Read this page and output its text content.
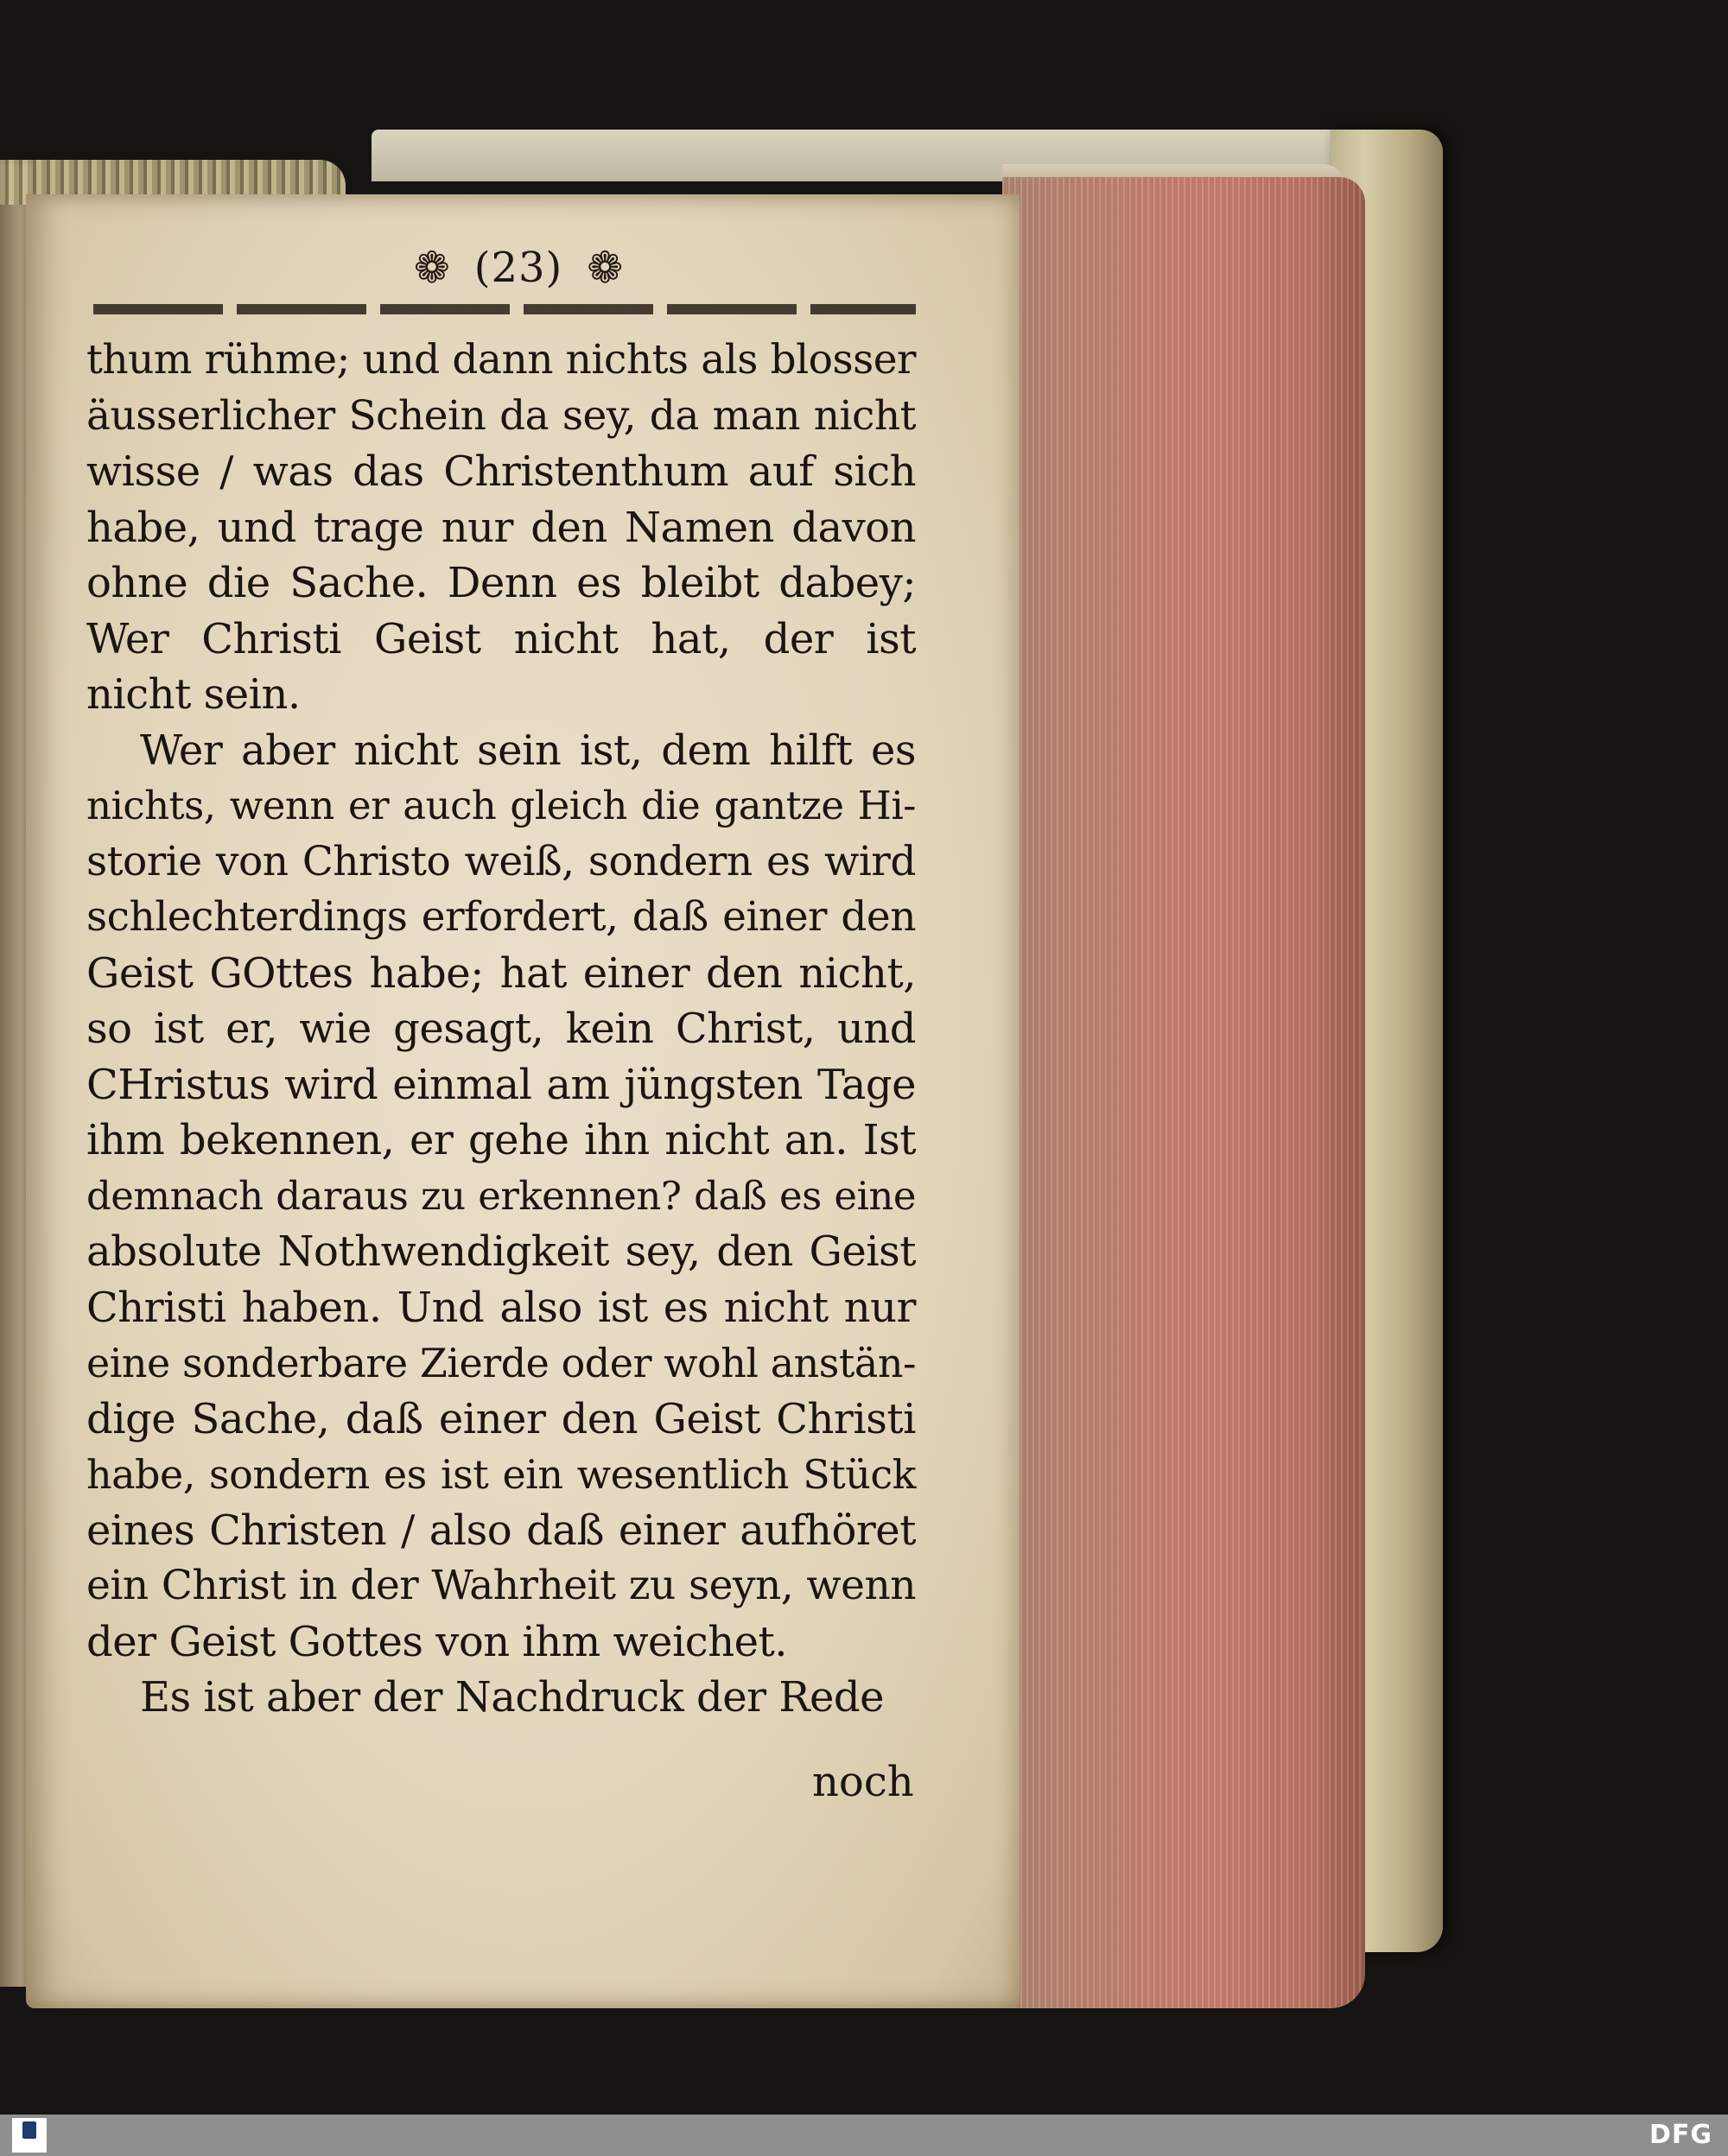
❁ (23) ❁
thum rühme; und dann nichts als blosser
äusserlicher Schein da sey, da man nicht
wisse / was das Christenthum auf sich
habe, und trage nur den Namen davon
ohne die Sache. Denn es bleibt dabey;
Wer Christi Geist nicht hat, der ist
nicht sein.
Wer aber nicht sein ist, dem hilft es
nichts, wenn er auch gleich die gantze Hi-
storie von Christo weiß, sondern es wird
schlechterdings erfordert, daß einer den
Geist GOttes habe; hat einer den nicht,
so ist er, wie gesagt, kein Christ, und
CHristus wird einmal am jüngsten Tage
ihm bekennen, er gehe ihn nicht an. Ist
demnach daraus zu erkennen? daß es eine
absolute Nothwendigkeit sey, den Geist
Christi haben. Und also ist es nicht nur
eine sonderbare Zierde oder wohl anstän-
dige Sache, daß einer den Geist Christi
habe, sondern es ist ein wesentlich Stück
eines Christen / also daß einer aufhöret
ein Christ in der Wahrheit zu seyn, wenn
der Geist Gottes von ihm weichet.
Es ist aber der Nachdruck der Rede
noch
DFG
